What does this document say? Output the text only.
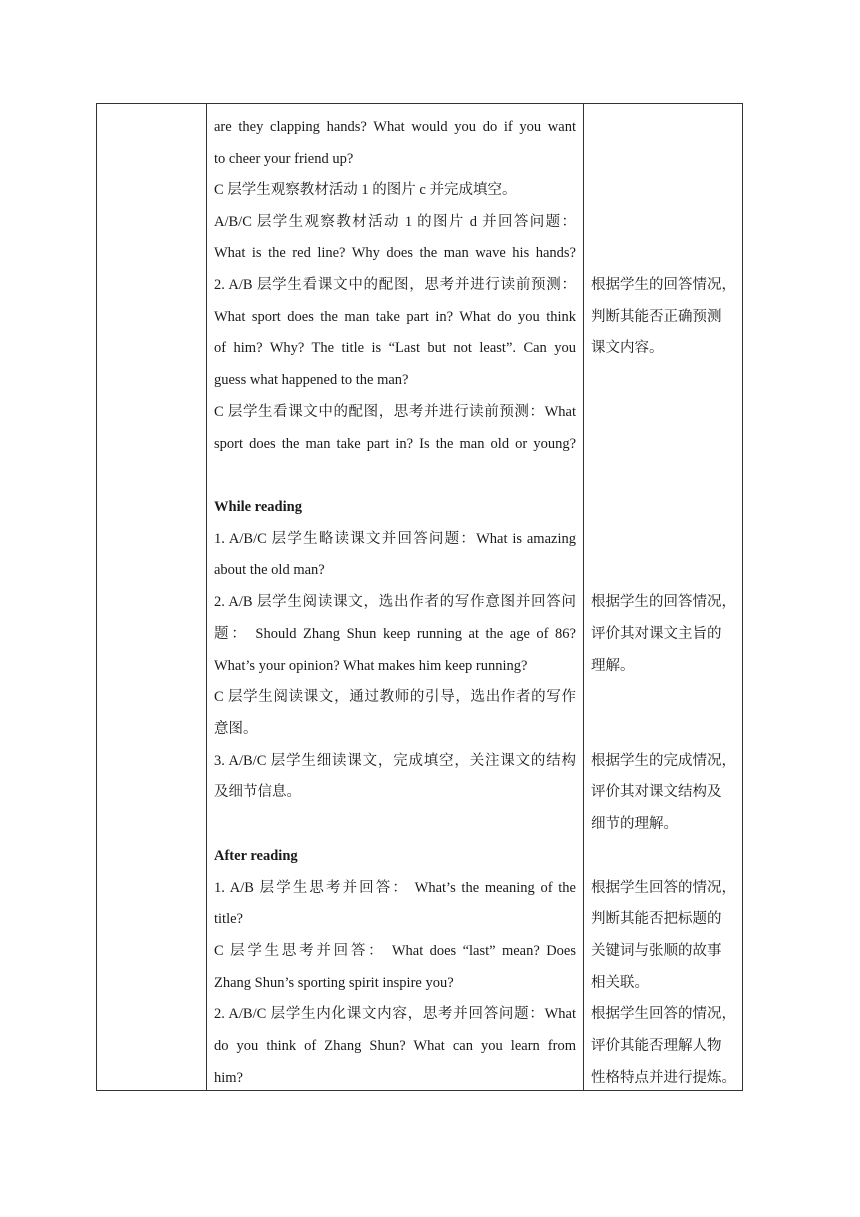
are they clapping hands? What would you do if you want
to cheer your friend up?
C 层学生观察教材活动 1 的图片 c 并完成填空。
A/B/C 层学生观察教材活动 1 的图片 d 并回答问题：
What is the red line? Why does the man wave his hands?
2. A/B 层学生看课文中的配图，思考并进行读前预测：
What sport does the man take part in? What do you think
of him? Why? The title is “Last but not least”. Can you
guess what happened to the man?
C 层学生看课文中的配图，思考并进行读前预测：What
sport does the man take part in? Is the man old or young?
While reading
1. A/B/C 层学生略读课文并回答问题：What is amazing
about the old man?
2. A/B 层学生阅读课文，选出作者的写作意图并回答问
题： Should Zhang Shun keep running at the age of 86?
What’s your opinion? What makes him keep running?
C 层学生阅读课文，通过教师的引导，选出作者的写作
意图。
3. A/B/C 层学生细读课文，完成填空，关注课文的结构
及细节信息。
After reading
1. A/B 层学生思考并回答： What’s the meaning of the
title?
C 层学生思考并回答： What does “last” mean? Does
Zhang Shun’s sporting spirit inspire you?
2. A/B/C 层学生内化课文内容，思考并回答问题：What
do you think of Zhang Shun? What can you learn from
him?
根据学生的回答情况，
判断其能否正确预测
课文内容。
根据学生的回答情况，
评价其对课文主旨的
理解。
根据学生的完成情况，
评价其对课文结构及
细节的理解。
根据学生回答的情况，
判断其能否把标题的
关键词与张顺的故事
相关联。
根据学生回答的情况，
评价其能否理解人物
性格特点并进行提炼。
